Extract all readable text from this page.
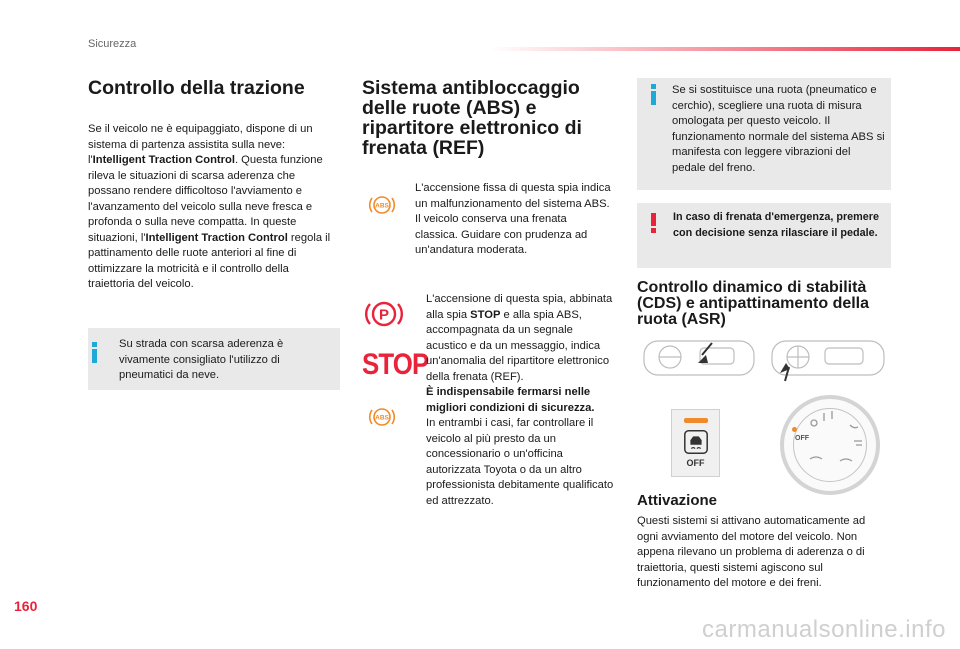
Sicurezza
Controllo della trazione

Se il veicolo ne è equipaggiato, dispone di un sistema di partenza assistita sulla neve: l'Intelligent Traction Control. Questa funzione rileva le situazioni di scarsa aderenza che possano rendere difficoltoso l'avviamento e l'avanzamento del veicolo sulla neve fresca e profonda o sulla neve compatta. In queste situazioni, l'Intelligent Traction Control regola il pattinamento delle ruote anteriori al fine di ottimizzare la motricità e il controllo della traiettoria del veicolo.

Su strada con scarsa aderenza è vivamente consigliato l'utilizzo di pneumatici da neve.

Sistema antibloccaggio delle ruote (ABS) e ripartitore elettronico di frenata (REF)
ABS

L'accensione fissa di questa spia indica un malfunzionamento del sistema ABS. Il veicolo conserva una frenata classica. Guidare con prudenza ad un'andatura moderata.

P
STOP
ABS

L'accensione di questa spia, abbinata alla spia STOP e alla spia ABS, accompagnata da un segnale acustico e da un messaggio, indica un'anomalia del ripartitore elettronico della frenata (REF).
È indispensabile fermarsi nelle migliori condizioni di sicurezza.
In entrambi i casi, far controllare il veicolo al più presto da un concessionario o un'officina autorizzata Toyota o da un altro professionista debitamente qualificato ed attrezzato.

Se si sostituisce una ruota (pneumatico e cerchio), scegliere una ruota di misura omologata per questo veicolo. Il funzionamento normale del sistema ABS si manifesta con leggere vibrazioni del pedale del freno.

In caso di frenata d'emergenza, premere con decisione senza rilasciare il pedale.

Controllo dinamico di stabilità (CDS) e antipattinamento della ruota (ASR)
OFF
OFF
Attivazione

Questi sistemi si attivano automaticamente ad ogni avviamento del motore del veicolo. Non appena rilevano un problema di aderenza o di traiettoria, questi sistemi agiscono sul funzionamento del motore e dei freni.

160
carmanualsonline.info
